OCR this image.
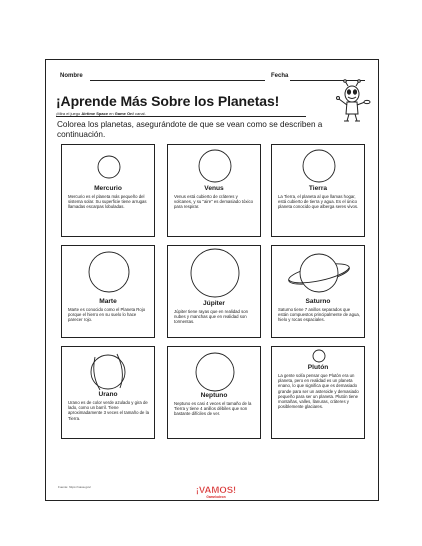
Nombre	Fecha
¡Aprende Más Sobre los Planetas!
¡Mira el juego Airtime Space en Game On! canal.
Colorea los planetas, asegurándote de que se vean como se describen a continuación.
Mercurio
Mercurio es el planeta más pequeño del sistema solar. Su superficie tiene arrugas llamadas escarpas lobuladas.
Venus
Venus está cubierto de cráteres y volcanes, y su "aire" es demasiado tóxico para respirar.
Tierra
La Tierra, el planeta al que llamas hogar, está cubierto de tierra y agua. Es el único planeta conocido que alberga seres vivos.
Marte
Marte es conocido como el Planeta Rojo porque el hierro en su suelo lo hace parecer rojo.
Júpiter
Júpiter tiene rayas que en realidad son nubes y manchas que en realidad son tormentas.
Saturno
Saturno tiene 7 anillos separados que están compuestos principalmente de agua, hielo y rocas espaciales.
Urano
Urano es de color verde azulado y gira de lado, como un barril. Tiene aproximadamente 3 veces el tamaño de la Tierra.
Neptuno
Neptuno es casi 4 veces el tamaño de la Tierra y tiene 4 anillos débiles que son bastante difíciles de ver.
Plutón
La gente solía pensar que Plutón era un planeta, pero en realidad es un planeta enano, lo que significa que es demasiado grande para ser un asteroide y demasiado pequeño para ser un planeta. Plutón tiene montañas, valles, llanuras, cráteres y posiblemente glaciares.
Fuente: https://nasa.gov/	¡VAMOS!
Gamelodeon
